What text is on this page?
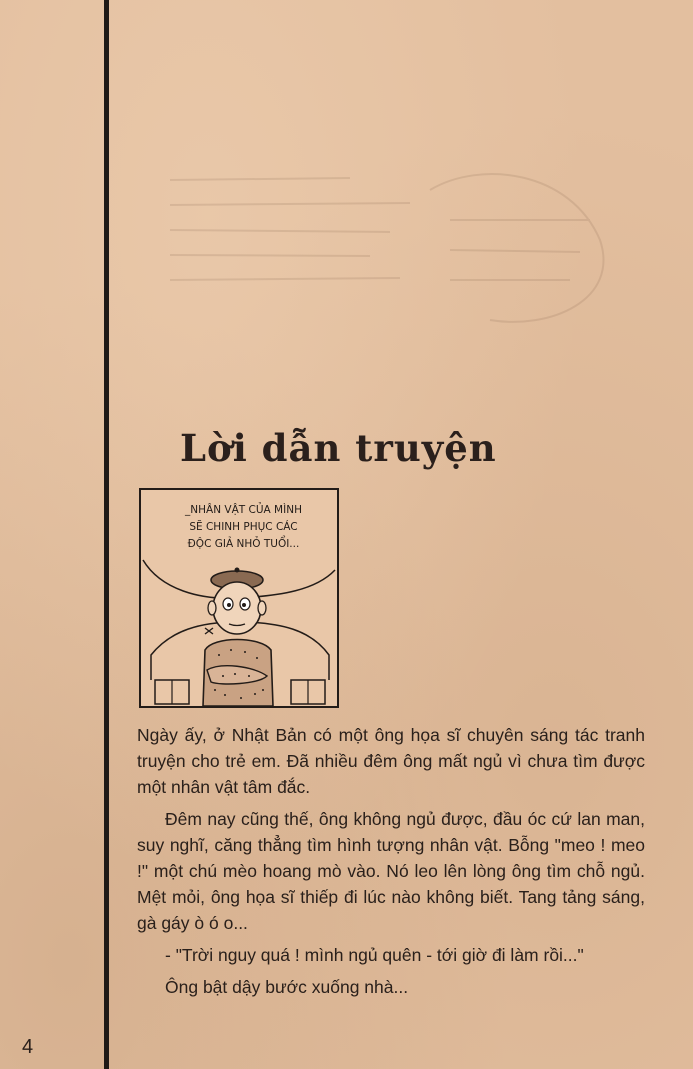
Lời dẫn truyện
_NHÂN VẬT CỦA MÌNH
SẼ CHINH PHỤC CÁC
ĐỘC GIẢ NHỎ TUỔI...

Ngày ấy, ở Nhật Bản có một ông họa sĩ chuyên sáng tác tranh truyện cho trẻ em. Đã nhiều đêm ông mất ngủ vì chưa tìm được một nhân vật tâm đắc.

Đêm nay cũng thế, ông không ngủ được, đầu óc cứ lan man, suy nghĩ, căng thẳng tìm hình tượng nhân vật. Bỗng "meo ! meo !" một chú mèo hoang mò vào. Nó leo lên lòng ông tìm chỗ ngủ. Mệt mỏi, ông họa sĩ thiếp đi lúc nào không biết. Tang tảng sáng, gà gáy ò ó o...

- "Trời nguy quá ! mình ngủ quên - tới giờ đi làm rồi..."

Ông bật dậy bước xuống nhà...

4
